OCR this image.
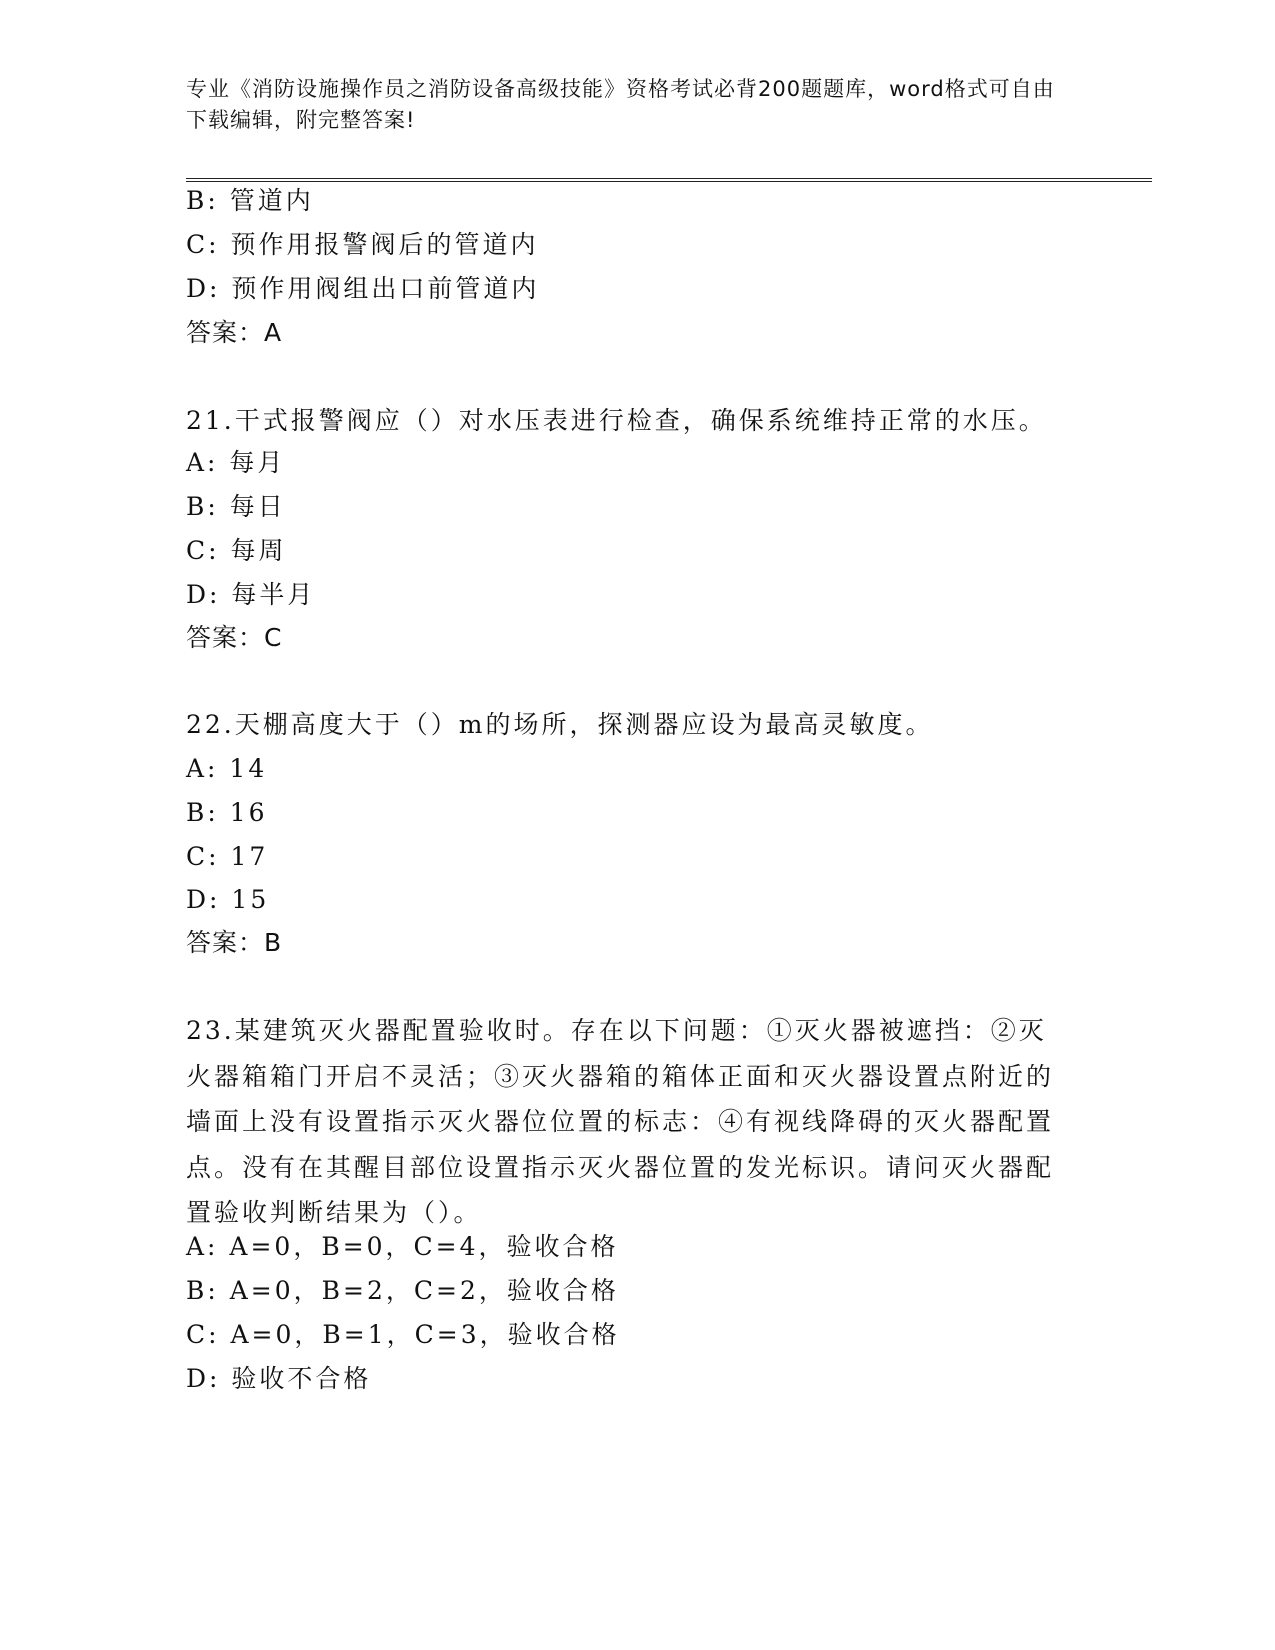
专业《消防设施操作员之消防设备高级技能》资格考试必背200题题库，word格式可自由下载编辑，附完整答案!
B: 管道内
C: 预作用报警阀后的管道内
D: 预作用阀组出口前管道内
答案：A
21.干式报警阀应（）对水压表进行检查，确保系统维持正常的水压。
A: 每月
B: 每日
C: 每周
D: 每半月
答案：C
22.天棚高度大于（）m的场所，探测器应设为最高灵敏度。
A: 14
B: 16
C: 17
D: 15
答案：B
23.某建筑灭火器配置验收时。存在以下问题：①灭火器被遮挡：②灭火器箱箱门开启不灵活；③灭火器箱的箱体正面和灭火器设置点附近的墙面上没有设置指示灭火器位位置的标志：④有视线降碍的灭火器配置点。没有在其醒目部位设置指示灭火器位置的发光标识。请问灭火器配置验收判断结果为（）。
A: A=0，B=0，C=4，验收合格
B: A=0，B=2，C=2，验收合格
C: A=0，B=1，C=3，验收合格
D: 验收不合格
